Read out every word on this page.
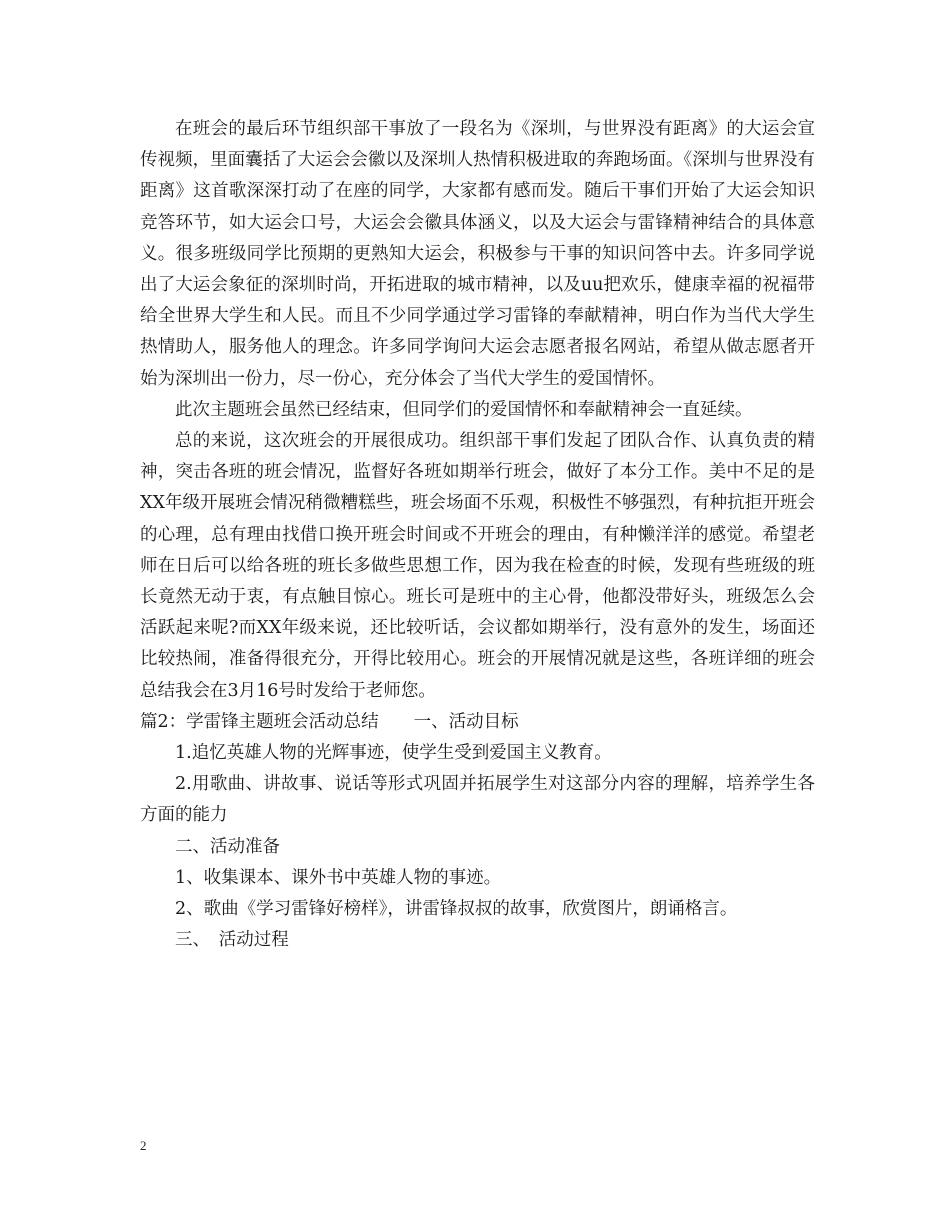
在班会的最后环节组织部干事放了一段名为《深圳，与世界没有距离》的大运会宣传视频，里面囊括了大运会会徽以及深圳人热情积极进取的奔跑场面。《深圳与世界没有距离》这首歌深深打动了在座的同学，大家都有感而发。随后干事们开始了大运会知识竞答环节，如大运会口号，大运会会徽具体涵义，以及大运会与雷锋精神结合的具体意义。很多班级同学比预期的更熟知大运会，积极参与干事的知识问答中去。许多同学说出了大运会象征的深圳时尚，开拓进取的城市精神，以及uu把欢乐，健康幸福的祝福带给全世界大学生和人民。而且不少同学通过学习雷锋的奉献精神，明白作为当代大学生热情助人，服务他人的理念。许多同学询问大运会志愿者报名网站，希望从做志愿者开始为深圳出一份力，尽一份心，充分体会了当代大学生的爱国情怀。

此次主题班会虽然已经结束，但同学们的爱国情怀和奉献精神会一直延续。

总的来说，这次班会的开展很成功。组织部干事们发起了团队合作、认真负责的精神，突击各班的班会情况，监督好各班如期举行班会，做好了本分工作。美中不足的是XX年级开展班会情况稍微糟糕些，班会场面不乐观，积极性不够强烈，有种抗拒开班会的心理，总有理由找借口换开班会时间或不开班会的理由，有种懒洋洋的感觉。希望老师在日后可以给各班的班长多做些思想工作，因为我在检查的时候，发现有些班级的班长竟然无动于衷，有点触目惊心。班长可是班中的主心骨，他都没带好头，班级怎么会活跃起来呢?而XX年级来说，还比较听话，会议都如期举行，没有意外的发生，场面还比较热闹，准备得很充分，开得比较用心。班会的开展情况就是这些，各班详细的班会总结我会在3月16号时发给于老师您。

篇2：学雷锋主题班会活动总结　　一、活动目标

1.追忆英雄人物的光辉事迹，使学生受到爱国主义教育。

2.用歌曲、讲故事、说话等形式巩固并拓展学生对这部分内容的理解，培养学生各方面的能力

二、活动准备

1、收集课本、课外书中英雄人物的事迹。

2、歌曲《学习雷锋好榜样》，讲雷锋叔叔的故事，欣赏图片，朗诵格言。

三、　活动过程

2
